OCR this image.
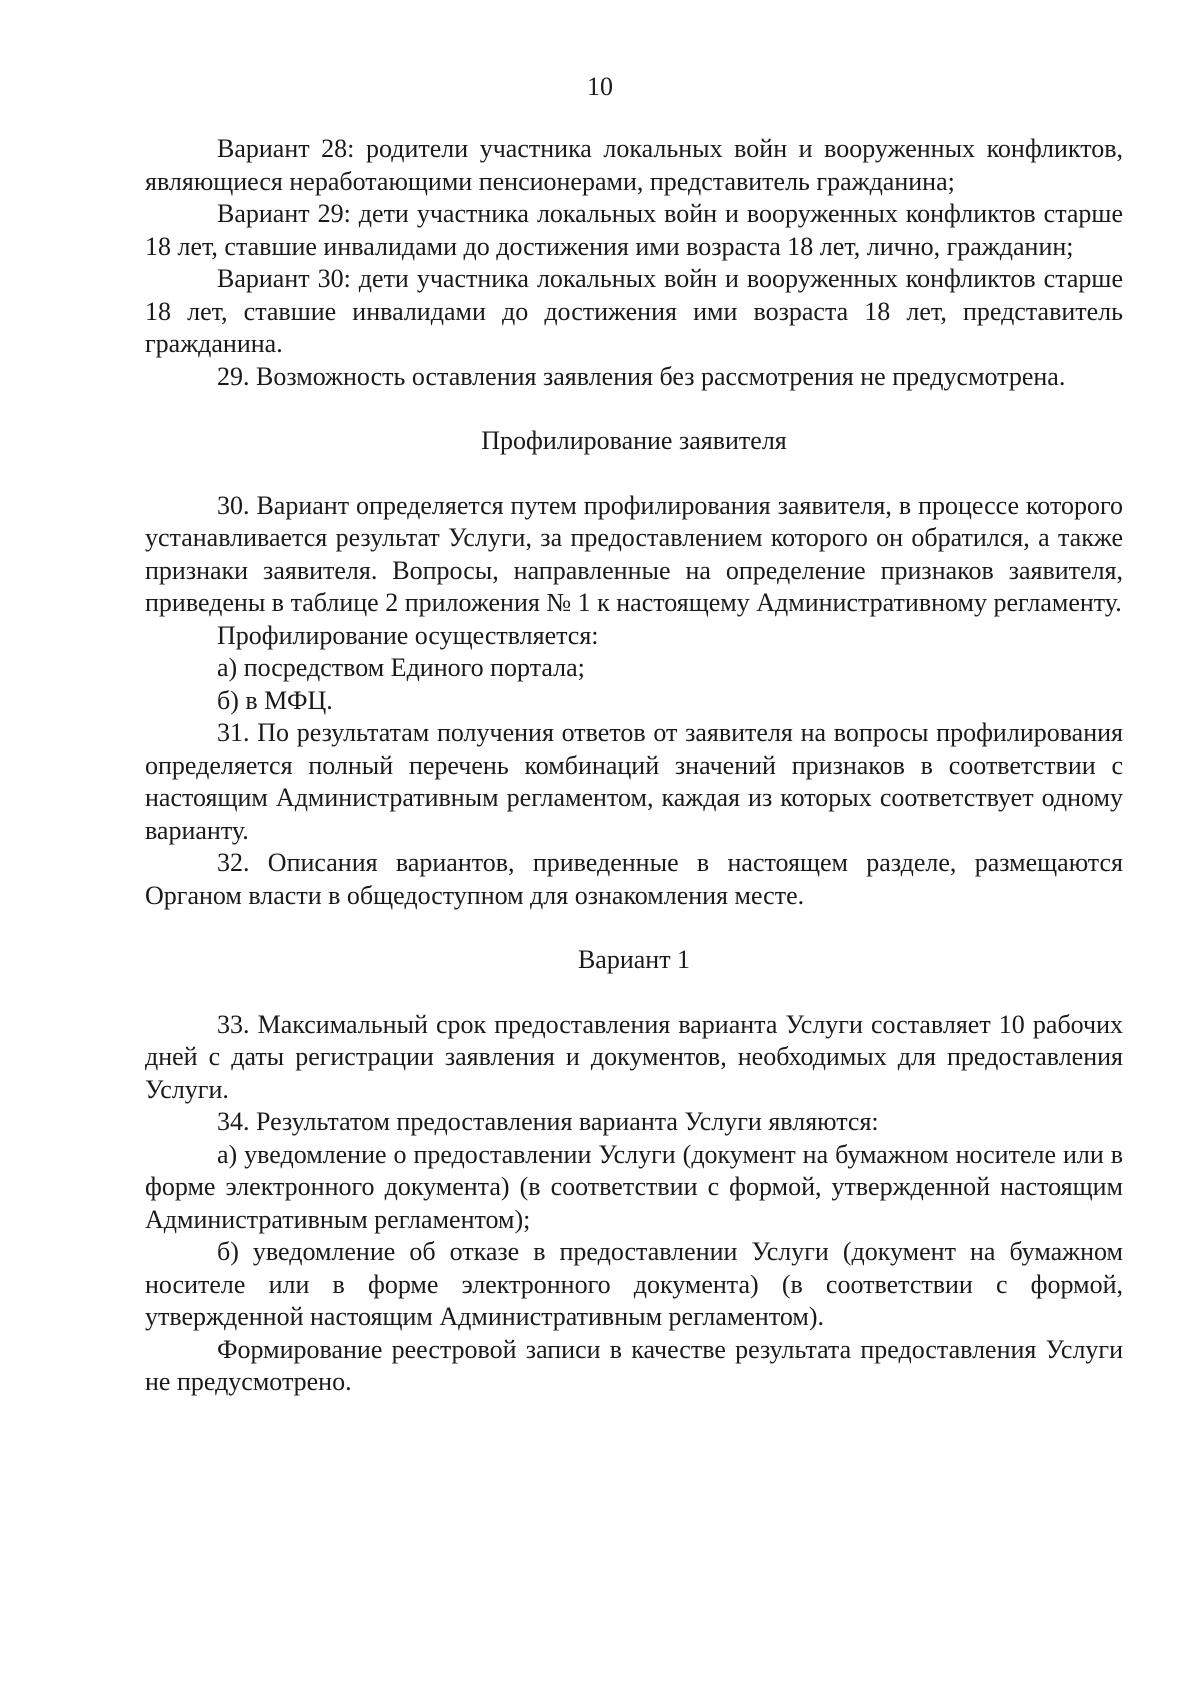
10

Вариант 28: родители участника локальных войн и вооруженных конфликтов, являющиеся неработающими пенсионерами, представитель гражданина;

Вариант 29: дети участника локальных войн и вооруженных конфликтов старше 18 лет, ставшие инвалидами до достижения ими возраста 18 лет, лично, гражданин;

Вариант 30: дети участника локальных войн и вооруженных конфликтов старше 18 лет, ставшие инвалидами до достижения ими возраста 18 лет, представитель гражданина.

29. Возможность оставления заявления без рассмотрения не предусмотрена.

Профилирование заявителя

30. Вариант определяется путем профилирования заявителя, в процессе которого устанавливается результат Услуги, за предоставлением которого он обратился, а также признаки заявителя. Вопросы, направленные на определение признаков заявителя, приведены в таблице 2 приложения № 1 к настоящему Административному регламенту.

Профилирование осуществляется:

а) посредством Единого портала;

б) в МФЦ.

31. По результатам получения ответов от заявителя на вопросы профилирования определяется полный перечень комбинаций значений признаков в соответствии с настоящим Административным регламентом, каждая из которых соответствует одному варианту.

32. Описания вариантов, приведенные в настоящем разделе, размещаются Органом власти в общедоступном для ознакомления месте.

Вариант 1

33. Максимальный срок предоставления варианта Услуги составляет 10 рабочих дней с даты регистрации заявления и документов, необходимых для предоставления Услуги.

34. Результатом предоставления варианта Услуги являются:

а) уведомление о предоставлении Услуги (документ на бумажном носителе или в форме электронного документа) (в соответствии с формой, утвержденной настоящим Административным регламентом);

б) уведомление об отказе в предоставлении Услуги (документ на бумажном носителе или в форме электронного документа) (в соответствии с формой, утвержденной настоящим Административным регламентом).

Формирование реестровой записи в качестве результата предоставления Услуги не предусмотрено.
